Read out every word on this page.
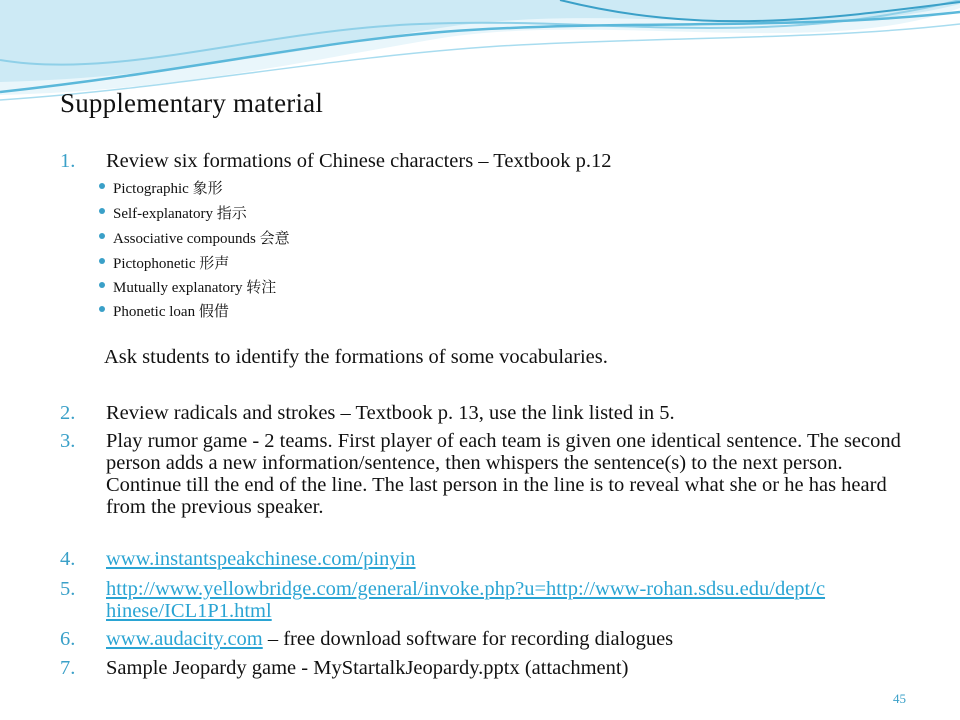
Supplementary material
1.	Review six formations of Chinese characters – Textbook p.12
Pictographic 象形
Self-explanatory 指示
Associative compounds 会意
Pictophonetic 形声
Mutually explanatory 转注
Phonetic loan 假借
Ask students to identify the formations of some vocabularies.
2.	Review radicals and strokes – Textbook p. 13, use the link listed in 5.
3.	Play rumor game - 2 teams. First player of each team is given one identical sentence. The second person adds a new information/sentence, then whispers the sentence(s) to the next person. Continue till the end of the line. The last person in the line is to reveal what she or he has heard from the previous speaker.
4.	www.instantspeakchinese.com/pinyin
5.	http://www.yellowbridge.com/general/invoke.php?u=http://www-rohan.sdsu.edu/dept/chinese/ICL1P1.html
6.	www.audacity.com – free download software for recording dialogues
7.	Sample Jeopardy game - MyStartalkJeopardy.pptx (attachment)
45
